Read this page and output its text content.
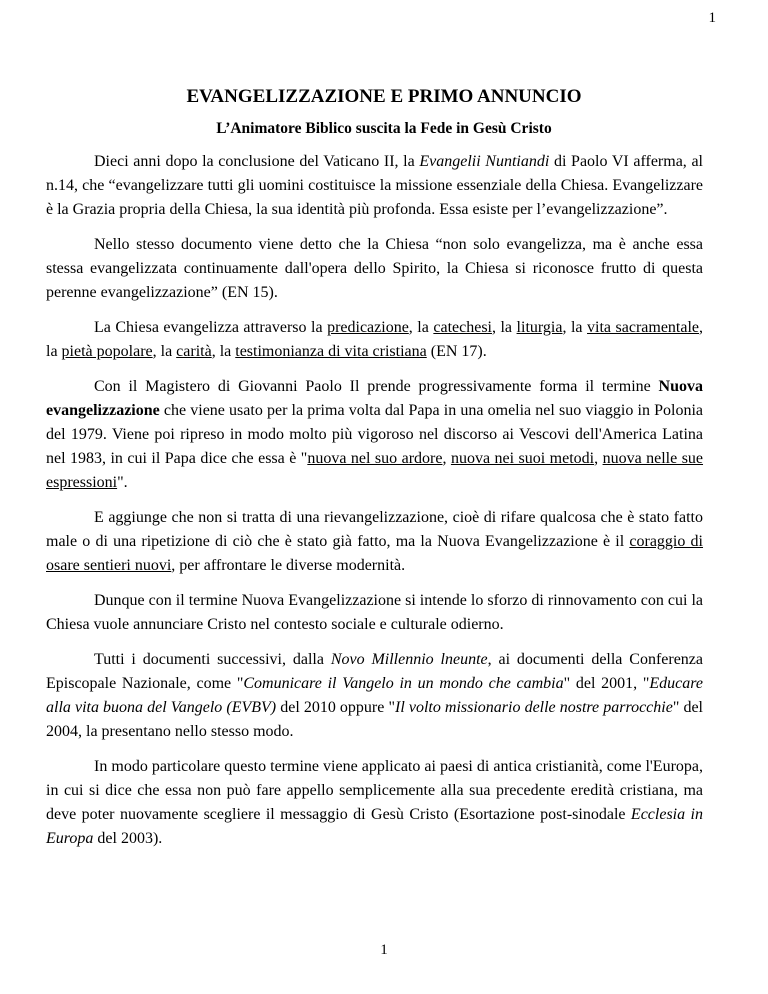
1
EVANGELIZZAZIONE E PRIMO ANNUNCIO
L’Animatore Biblico suscita la Fede in Gesù Cristo

Dieci anni dopo la conclusione del Vaticano II, la Evangelii Nuntiandi di Paolo VI afferma, al n.14, che “evangelizzare tutti gli uomini costituisce la missione essenziale della Chiesa. Evangelizzare è la Grazia propria della Chiesa, la sua identità più profonda. Essa esiste per l’evangelizzazione”.

Nello stesso documento viene detto che la Chiesa “non solo evangelizza, ma è anche essa stessa evangelizzata continuamente dall'opera dello Spirito, la Chiesa si riconosce frutto di questa perenne evangelizzazione” (EN 15).

La Chiesa evangelizza attraverso la predicazione, la catechesi, la liturgia, la vita sacramentale, la pietà popolare, la carità, la testimonianza di vita cristiana (EN 17).

Con il Magistero di Giovanni Paolo Il prende progressivamente forma il termine Nuova evangelizzazione che viene usato per la prima volta dal Papa in una omelia nel suo viaggio in Polonia del 1979. Viene poi ripreso in modo molto più vigoroso nel discorso ai Vescovi dell'America Latina nel 1983, in cui il Papa dice che essa è "nuova nel suo ardore, nuova nei suoi metodi, nuova nelle sue espressioni".

E aggiunge che non si tratta di una rievangelizzazione, cioè di rifare qualcosa che è stato fatto male o di una ripetizione di ciò che è stato già fatto, ma la Nuova Evangelizzazione è il coraggio di osare sentieri nuovi, per affrontare le diverse modernità.

Dunque con il termine Nuova Evangelizzazione si intende lo sforzo di rinnovamento con cui la Chiesa vuole annunciare Cristo nel contesto sociale e culturale odierno.

Tutti i documenti successivi, dalla Novo Millennio lneunte, ai documenti della Conferenza Episcopale Nazionale, come "Comunicare il Vangelo in un mondo che cambia" del 2001, "Educare alla vita buona del Vangelo (EVBV) del 2010 oppure "Il volto missionario delle nostre parrocchie" del 2004, la presentano nello stesso modo.

In modo particolare questo termine viene applicato ai paesi di antica cristianità, come l'Europa, in cui si dice che essa non può fare appello semplicemente alla sua precedente eredità cristiana, ma deve poter nuovamente scegliere il messaggio di Gesù Cristo (Esortazione post-sinodale Ecclesia in Europa del 2003).

1
